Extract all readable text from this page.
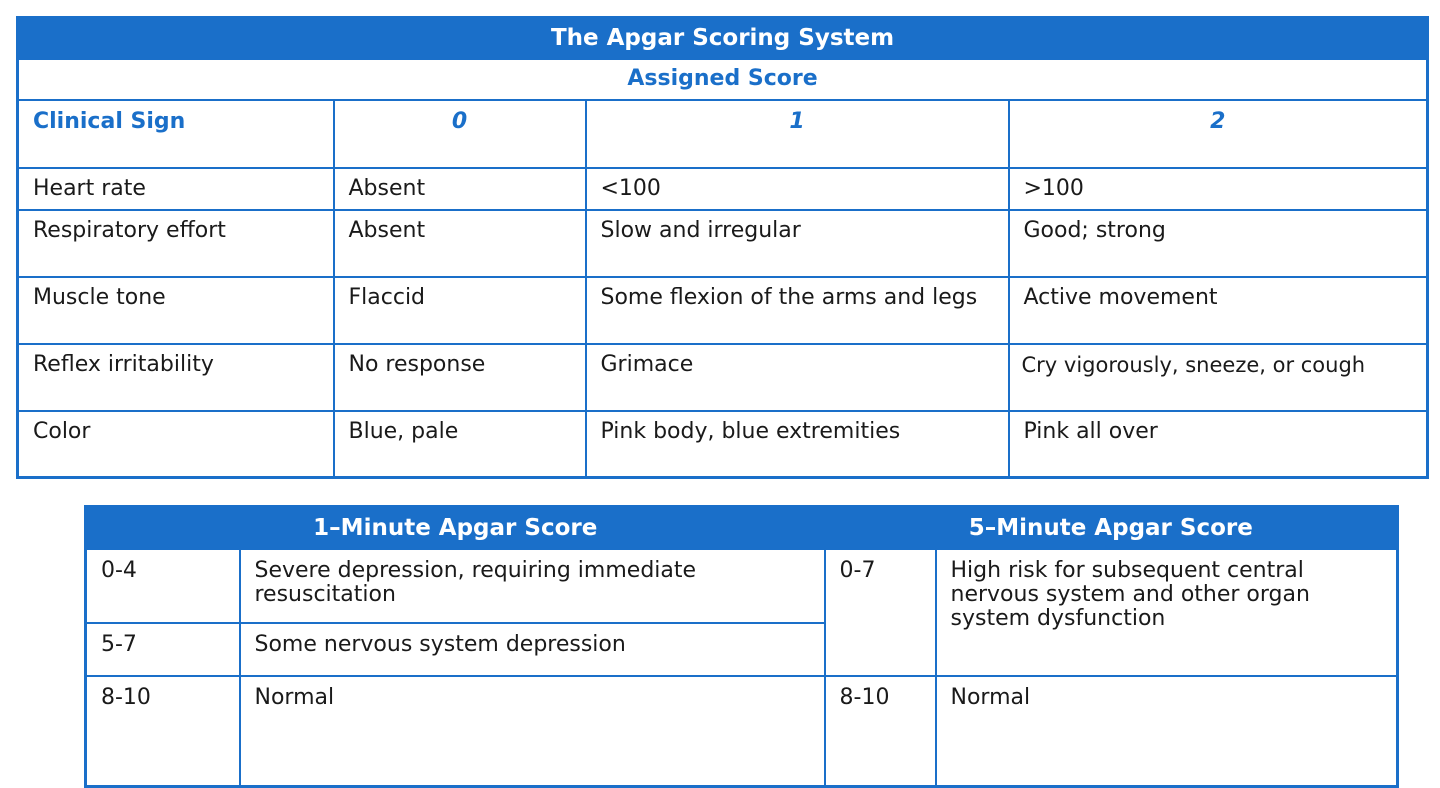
The Apgar Scoring System			
Assigned Score			
Clinical Sign	0	1	2
Heart rate	Absent	<100	>100
Respiratory effort	Absent	Slow and irregular	Good; strong
Muscle tone	Flaccid	Some flexion of the arms and legs	Active movement
Reflex irritability	No response	Grimace	Cry vigorously, sneeze, or cough
Color	Blue, pale	Pink body, blue extremities	Pink all over
1–Minute Apgar Score		5–Minute Apgar Score	
0-4	Severe depression, requiring immediate resuscitation	0-7	High risk for subsequent central nervous system and other organ system dysfunction
5-7	Some nervous system depression		
8-10	Normal	8-10	Normal
